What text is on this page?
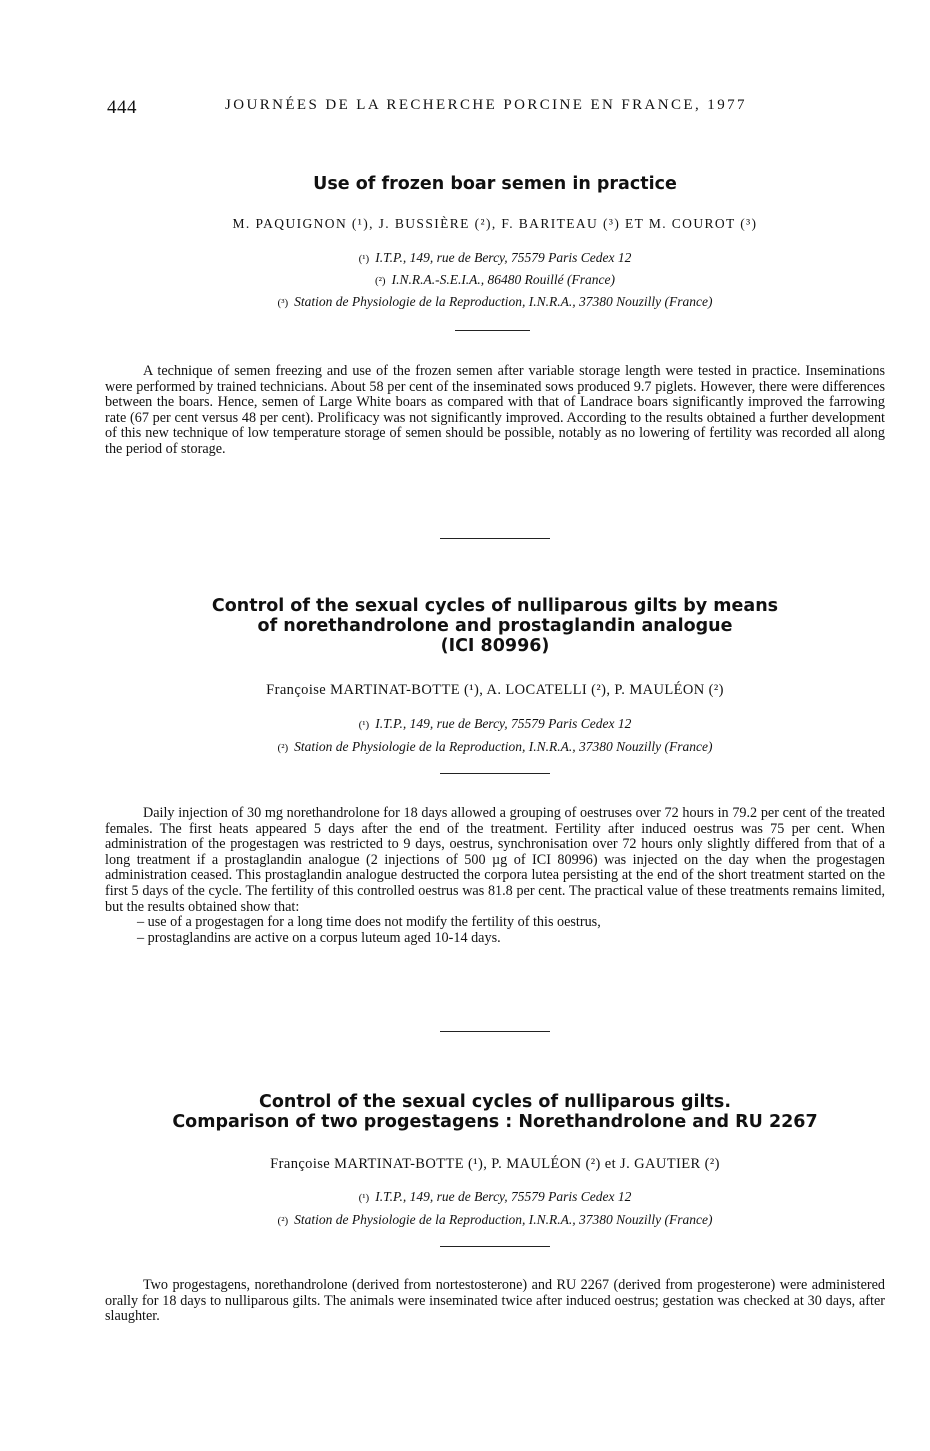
444	JOURNÉES DE LA RECHERCHE PORCINE EN FRANCE, 1977
Use of frozen boar semen in practice
M. PAQUIGNON (¹), J. BUSSIÈRE (²), F. BARITEAU (³) ET M. COUROT (³)
(¹) I.T.P., 149, rue de Bercy, 75579 Paris Cedex 12
(²) I.N.R.A.-S.E.I.A., 86480 Rouillé (France)
(³) Station de Physiologie de la Reproduction, I.N.R.A., 37380 Nouzilly (France)

A technique of semen freezing and use of the frozen semen after variable storage length were tested in practice. Inseminations were performed by trained technicians. About 58 per cent of the inseminated sows produced 9.7 piglets. However, there were differences between the boars. Hence, semen of Large White boars as compared with that of Landrace boars significantly improved the farrowing rate (67 per cent versus 48 per cent). Prolificacy was not significantly improved. According to the results obtained a further development of this new technique of low temperature storage of semen should be possible, notably as no lowering of fertility was recorded all along the period of storage.

Control of the sexual cycles of nulliparous gilts by means
of norethandrolone and prostaglandin analogue
(ICI 80996)
Françoise MARTINAT-BOTTE (¹), A. LOCATELLI (²), P. MAULÉON (²)
(¹) I.T.P., 149, rue de Bercy, 75579 Paris Cedex 12
(²) Station de Physiologie de la Reproduction, I.N.R.A., 37380 Nouzilly (France)

Daily injection of 30 mg norethandrolone for 18 days allowed a grouping of oestruses over 72 hours in 79.2 per cent of the treated females. The first heats appeared 5 days after the end of the treatment. Fertility after induced oestrus was 75 per cent. When administration of the progestagen was restricted to 9 days, oestrus, synchronisation over 72 hours only slightly differed from that of a long treatment if a prostaglandin analogue (2 injections of 500 µg of ICI 80996) was injected on the day when the progestagen administration ceased. This prostaglandin analogue destructed the corpora lutea persisting at the end of the short treatment started on the first 5 days of the cycle. The fertility of this controlled oestrus was 81.8 per cent. The practical value of these treatments remains limited, but the results obtained show that:

– use of a progestagen for a long time does not modify the fertility of this oestrus,

– prostaglandins are active on a corpus luteum aged 10-14 days.

Control of the sexual cycles of nulliparous gilts.
Comparison of two progestagens : Norethandrolone and RU 2267
Françoise MARTINAT-BOTTE (¹), P. MAULÉON (²) et J. GAUTIER (²)
(¹) I.T.P., 149, rue de Bercy, 75579 Paris Cedex 12
(²) Station de Physiologie de la Reproduction, I.N.R.A., 37380 Nouzilly (France)

Two progestagens, norethandrolone (derived from nortestosterone) and RU 2267 (derived from progesterone) were administered orally for 18 days to nulliparous gilts. The animals were inseminated twice after induced oestrus; gestation was checked at 30 days, after slaughter.
